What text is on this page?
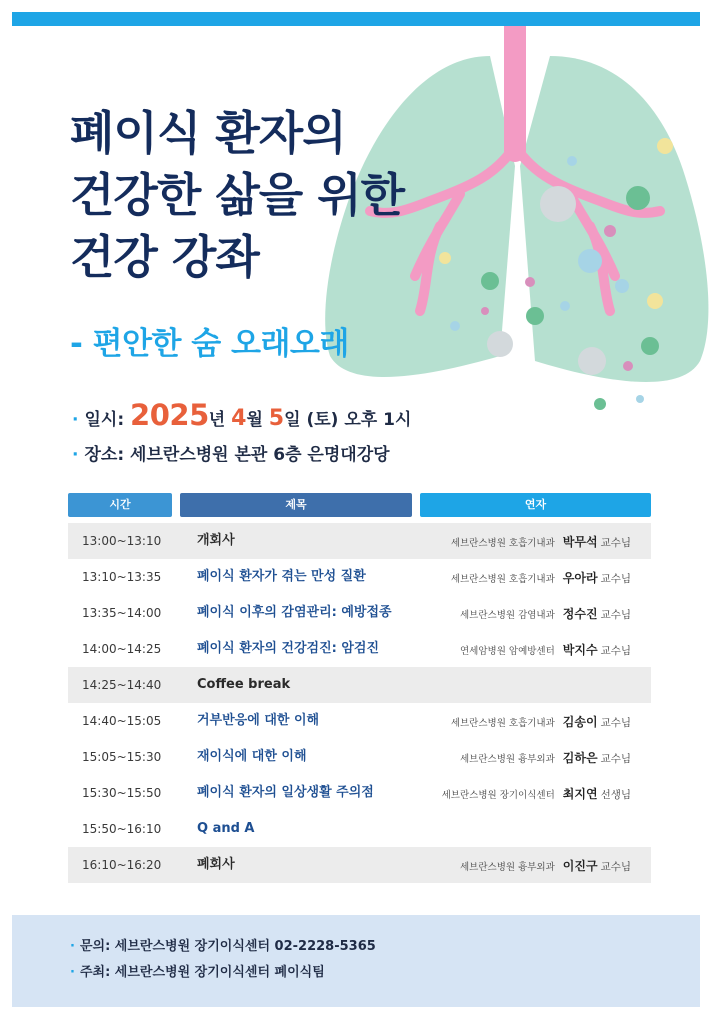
폐이식 환자의
건강한 삶을 위한
건강 강좌
- 편안한 숨 오래오래
· 일시: 2025년 4월 5일 (토) 오후 1시
· 장소: 세브란스병원 본관 6층 은명대강당
시간	제목	연자
13:00~13:10	개회사	세브란스병원 호흡기내과 박무석 교수님
13:10~13:35	폐이식 환자가 겪는 만성 질환	세브란스병원 호흡기내과 우아라 교수님
13:35~14:00	폐이식 이후의 감염관리: 예방접종	세브란스병원 감염내과 정수진 교수님
14:00~14:25	폐이식 환자의 건강검진: 암검진	연세암병원 암예방센터 박지수 교수님
14:25~14:40	Coffee break
14:40~15:05	거부반응에 대한 이해	세브란스병원 호흡기내과 김송이 교수님
15:05~15:30	재이식에 대한 이해	세브란스병원 흉부외과 김하은 교수님
15:30~15:50	폐이식 환자의 일상생활 주의점	세브란스병원 장기이식센터 최지연 선생님
15:50~16:10	Q and A
16:10~16:20	폐회사	세브란스병원 흉부외과 이진구 교수님
· 문의: 세브란스병원 장기이식센터 02-2228-5365
· 주최: 세브란스병원 장기이식센터 폐이식팀
